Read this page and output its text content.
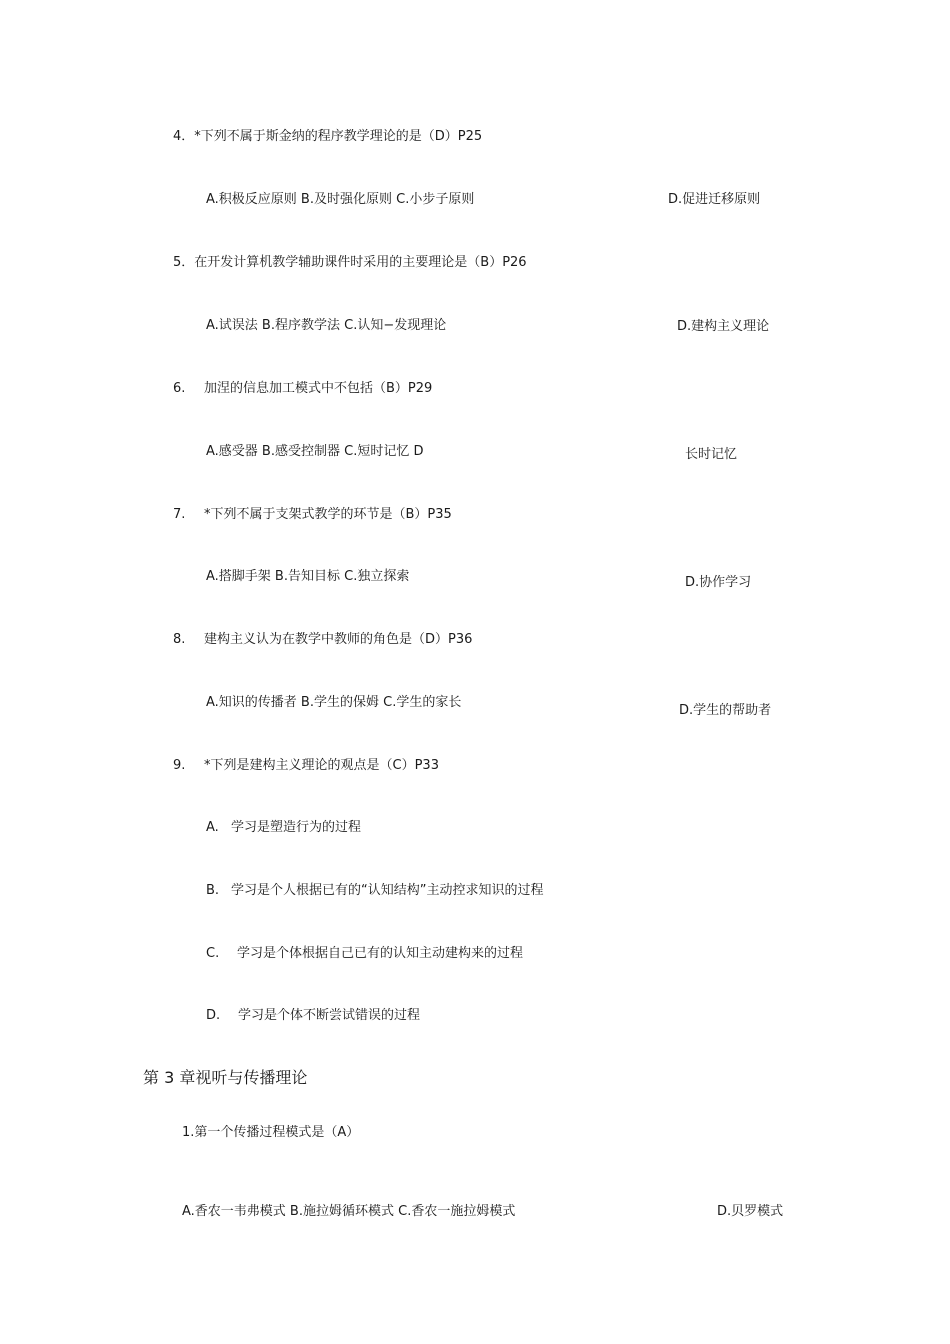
4．*下列不属于斯金纳的程序教学理论的是（D）P25
A.积极反应原则 B.及时强化原则 C.小步子原则	D.促进迁移原则
5．在开发计算机教学辅助课件时采用的主要理论是（B）P26
A.试误法 B.程序教学法 C.认知−发现理论	D.建构主义理论
6. 加涅的信息加工模式中不包括（B）P29
A.感受器 B.感受控制器 C.短时记忆 D	长时记忆
7. *下列不属于支架式教学的环节是（B）P35
A.搭脚手架 B.告知目标 C.独立探索	D.协作学习
8. 建构主义认为在教学中教师的角色是（D）P36
A.知识的传播者 B.学生的保姆 C.学生的家长
D.学生的帮助者
9. *下列是建构主义理论的观点是（C）P33
A. 学习是塑造行为的过程
B. 学习是个人根据已有的“认知结构”主动控求知识的过程
C. 学习是个体根据自己已有的认知主动建构来的过程
D. 学习是个体不断尝试错误的过程
第 3 章视听与传播理论
1.第一个传播过程模式是（A）
A.香农一韦弗模式 B.施拉姆循环模式 C.香农一施拉姆模式	D.贝罗模式
